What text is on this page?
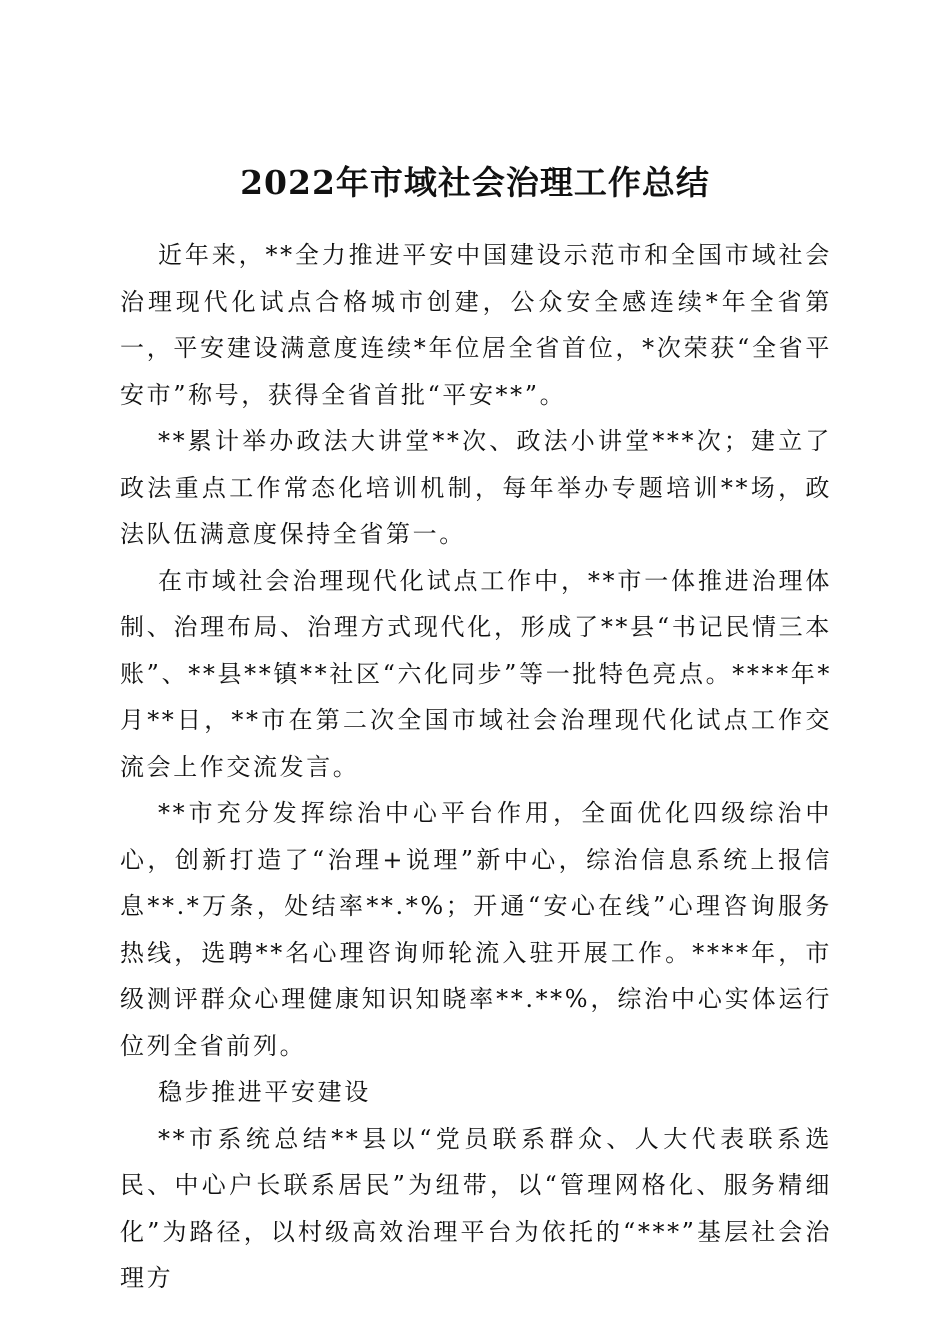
2022年市域社会治理工作总结

近年来，**全力推进平安中国建设示范市和全国市域社会治理现代化试点合格城市创建，公众安全感连续*年全省第一，平安建设满意度连续*年位居全省首位，*次荣获“全省平安市”称号，获得全省首批“平安**”。

**累计举办政法大讲堂**次、政法小讲堂***次；建立了政法重点工作常态化培训机制，每年举办专题培训**场，政法队伍满意度保持全省第一。

在市域社会治理现代化试点工作中，**市一体推进治理体制、治理布局、治理方式现代化，形成了**县“书记民情三本账”、**县**镇**社区“六化同步”等一批特色亮点。****年*月**日，**市在第二次全国市域社会治理现代化试点工作交流会上作交流发言。

**市充分发挥综治中心平台作用，全面优化四级综治中心，创新打造了“治理+说理”新中心，综治信息系统上报信息**.*万条，处结率**.*%；开通“安心在线”心理咨询服务热线，选聘**名心理咨询师轮流入驻开展工作。****年，市级测评群众心理健康知识知晓率**.**%，综治中心实体运行位列全省前列。

稳步推进平安建设

**市系统总结**县以“党员联系群众、人大代表联系选民、中心户长联系居民”为纽带，以“管理网格化、服务精细化”为路径，以村级高效治理平台为依托的“***”基层社会治理方
